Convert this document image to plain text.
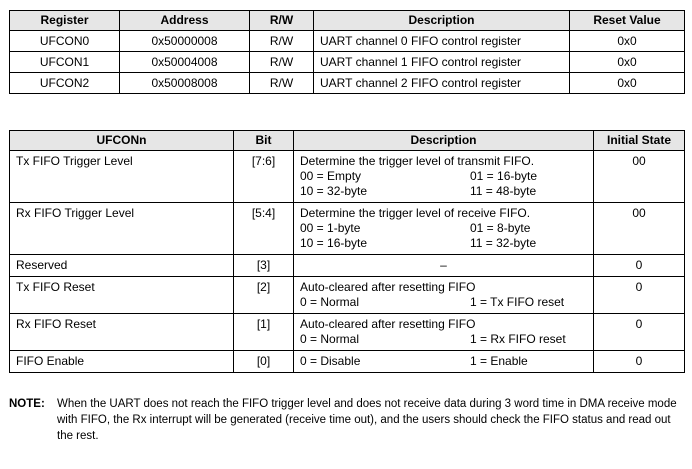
Register	Address	R/W	Description	Reset Value
UFCON0	0x50000008	R/W	UART channel 0 FIFO control register	0x0
UFCON1	0x50004008	R/W	UART channel 1 FIFO control register	0x0
UFCON2	0x50008008	R/W	UART channel 2 FIFO control register	0x0
UFCONn	Bit	Description	Initial State
Tx FIFO Trigger Level	[7:6]	Determine the trigger level of transmit FIFO.
00 = Empty 01 = 16-byte
10 = 32-byte 11 = 48-byte	00
Rx FIFO Trigger Level	[5:4]	Determine the trigger level of receive FIFO.
00 = 1-byte 01 = 8-byte
10 = 16-byte 11 = 32-byte	00
Reserved	[3]	–	0
Tx FIFO Reset	[2]	Auto-cleared after resetting FIFO
0 = Normal 1 = Tx FIFO reset	0
Rx FIFO Reset	[1]	Auto-cleared after resetting FIFO
0 = Normal 1 = Rx FIFO reset	0
FIFO Enable	[0]	0 = Disable 1 = Enable	0
NOTE: When the UART does not reach the FIFO trigger level and does not receive data during 3 word time in DMA receive mode with FIFO, the Rx interrupt will be generated (receive time out), and the users should check the FIFO status and read out the rest.
